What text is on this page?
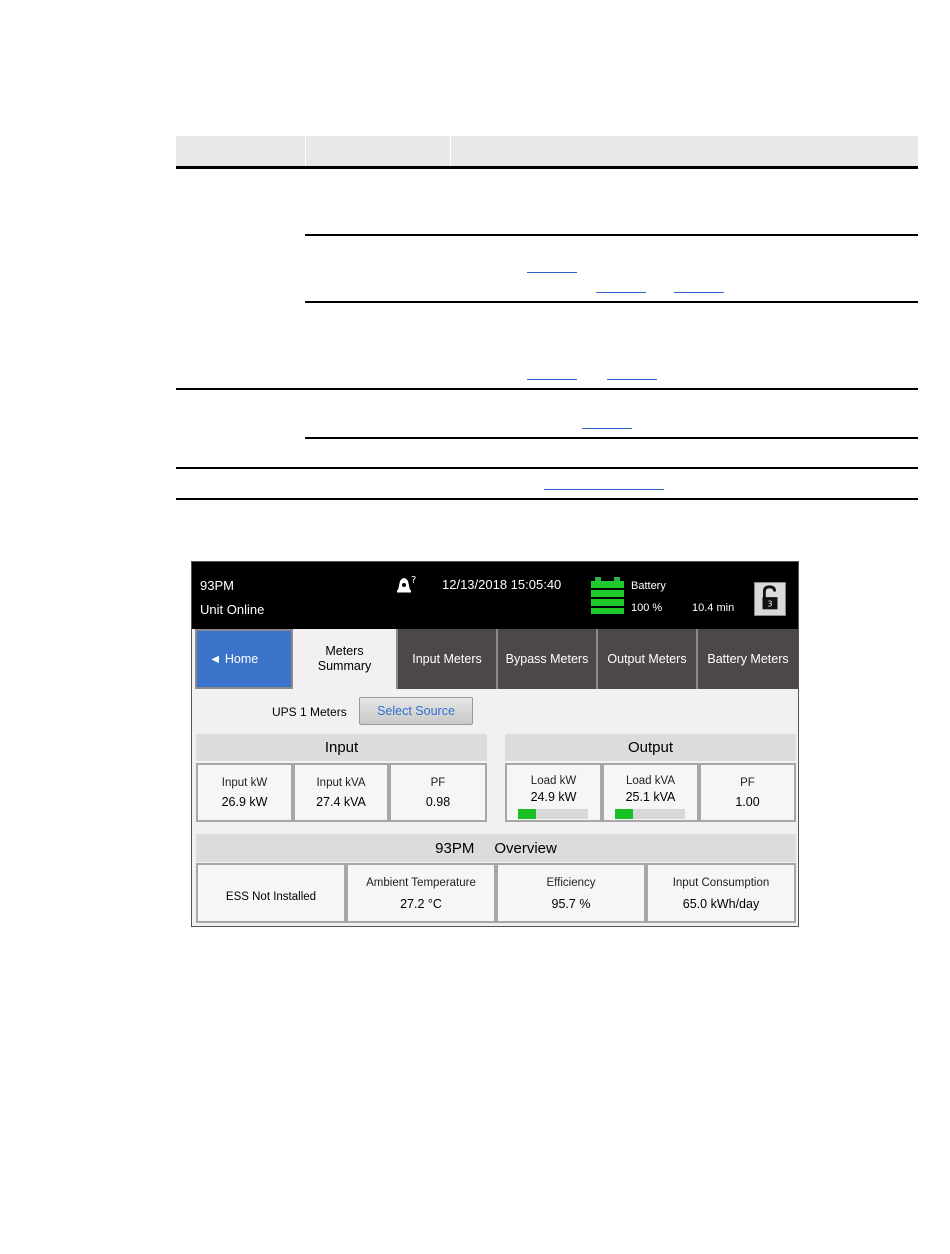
93PM
Unit Online
? 12/13/2018 15:05:40	Battery
100 %	10.4 min	3
◄ Home
Meters Summary	Input Meters	Bypass Meters	Output Meters	Battery Meters
UPS 1 Meters	Select Source
Input
Input kW
26.9 kW
Input kVA
27.4 kVA
PF
0.98
Output
Load kW
24.9 kW
Load kVA
25.1 kVA
PF
1.00
93PM Overview
ESS Not Installed
Ambient Temperature
27.2 °C
Efficiency
95.7 %
Input Consumption
65.0 kWh/day
